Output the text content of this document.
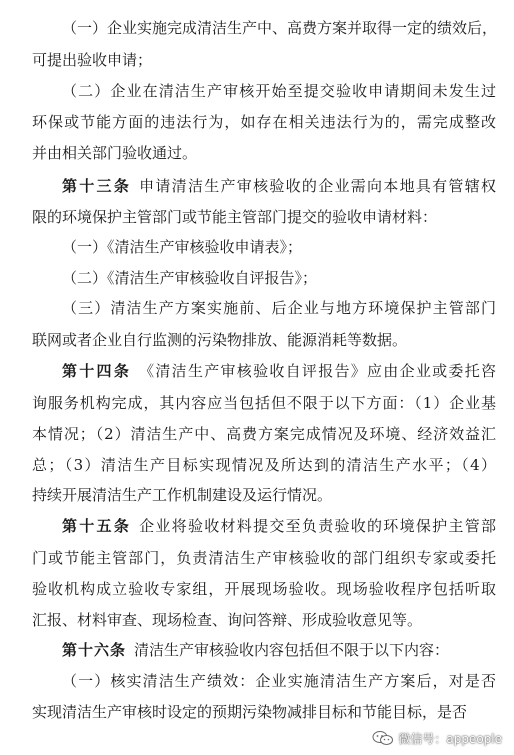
（一）企业实施完成清洁生产中、高费方案并取得一定的绩效后，
可提出验收申请；
（二）企业在清洁生产审核开始至提交验收申请期间未发生过
环保或节能方面的违法行为，如存在相关违法行为的，需完成整改
并由相关部门验收通过。
第十三条 申请清洁生产审核验收的企业需向本地具有管辖权
限的环境保护主管部门或节能主管部门提交的验收申请材料：
（一）《清洁生产审核验收申请表》；
（二）《清洁生产审核验收自评报告》；
（三）清洁生产方案实施前、后企业与地方环境保护主管部门
联网或者企业自行监测的污染物排放、能源消耗等数据。
第十四条 《清洁生产审核验收自评报告》应由企业或委托咨
询服务机构完成，其内容应当包括但不限于以下方面：（1）企业基
本情况；（2）清洁生产中、高费方案完成情况及环境、经济效益汇
总；（3）清洁生产目标实现情况及所达到的清洁生产水平；（4）
持续开展清洁生产工作机制建设及运行情况。
第十五条 企业将验收材料提交至负责验收的环境保护主管部
门或节能主管部门，负责清洁生产审核验收的部门组织专家或委托
验收机构成立验收专家组，开展现场验收。现场验收程序包括听取
汇报、材料审查、现场检查、询问答辩、形成验收意见等。
第十六条 清洁生产审核验收内容包括但不限于以下内容：
（一）核实清洁生产绩效：企业实施清洁生产方案后，对是否
实现清洁生产审核时设定的预期污染物减排目标和节能目标，是否
微信号：appeople
